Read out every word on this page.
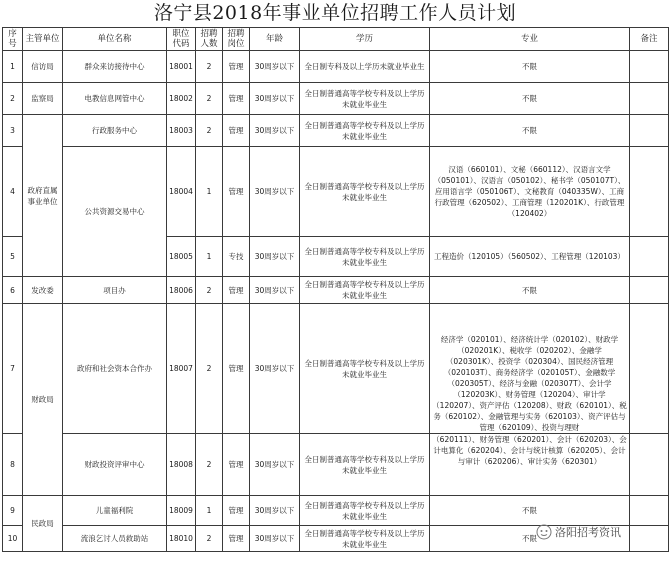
洛宁县2018年事业单位招聘工作人员计划
序号	主管单位	单位名称	职位代码	招聘人数	招聘岗位	年龄	学历	专业	备注
1	信访局	群众来访接待中心	18001	2	管理	30周岁以下	全日制专科及以上学历未就业毕业生	不限	
2	监察局	电教信息网管中心	18002	2	管理	30周岁以下	全日制普通高等学校专科及以上学历未就业毕业生	不限	
3	政府直属事业单位	行政服务中心	18003	2	管理	30周岁以下	全日制普通高等学校专科及以上学历未就业毕业生	不限	
4		公共资源交易中心	18004	1	管理	30周岁以下	全日制普通高等学校专科及以上学历未就业毕业生	汉语（660101）、文秘（660112）、汉语言文学（050101）、汉语言（050102）、秘书学（050107T）、应用语言学（050106T）、文秘教育（040335W）、工商行政管理（620502）、工商管理（120201K）、行政管理（120402）	
5			18005	1	专技	30周岁以下	全日制普通高等学校专科及以上学历未就业毕业生	工程造价（120105）（560502）、工程管理（120103）	
6	发改委	项目办	18006	2	管理	30周岁以下	全日制普通高等学校专科及以上学历未就业毕业生	不限	
7	财政局	政府和社会资本合作办	18007	2	管理	30周岁以下	全日制普通高等学校专科及以上学历未就业毕业生	经济学（020101）、经济统计学（020102）、财政学（020201K）、税收学（020202）、金融学（020301K）、投资学（020304）、国民经济管理（020103T）、商务经济学（020105T）、金融数学（020305T）、经济与金融（020307T）、会计学（120203K）、财务管理（120204）、审计学（120207）、资产评估（120208）、财政（620101）、税务（620102）、金融管理与实务（620103）、资产评估与管理（620109）、投资与理财	
8		财政投资评审中心	18008	2	管理	30周岁以下	全日制普通高等学校专科及以上学历未就业毕业生	（620111）、财务管理（620201）、会计（620203）、会计电算化（620204）、会计与统计核算（620205）、会计与审计（620206）、审计实务（620301）	
9	民政局	儿童福利院	18009	1	管理	30周岁以下	全日制普通高等学校专科及以上学历未就业毕业生	不限	
10		流浪乞讨人员救助站	18010	2	管理	30周岁以下	全日制普通高等学校专科及以上学历未就业毕业生	不限	洛阳招考资讯
